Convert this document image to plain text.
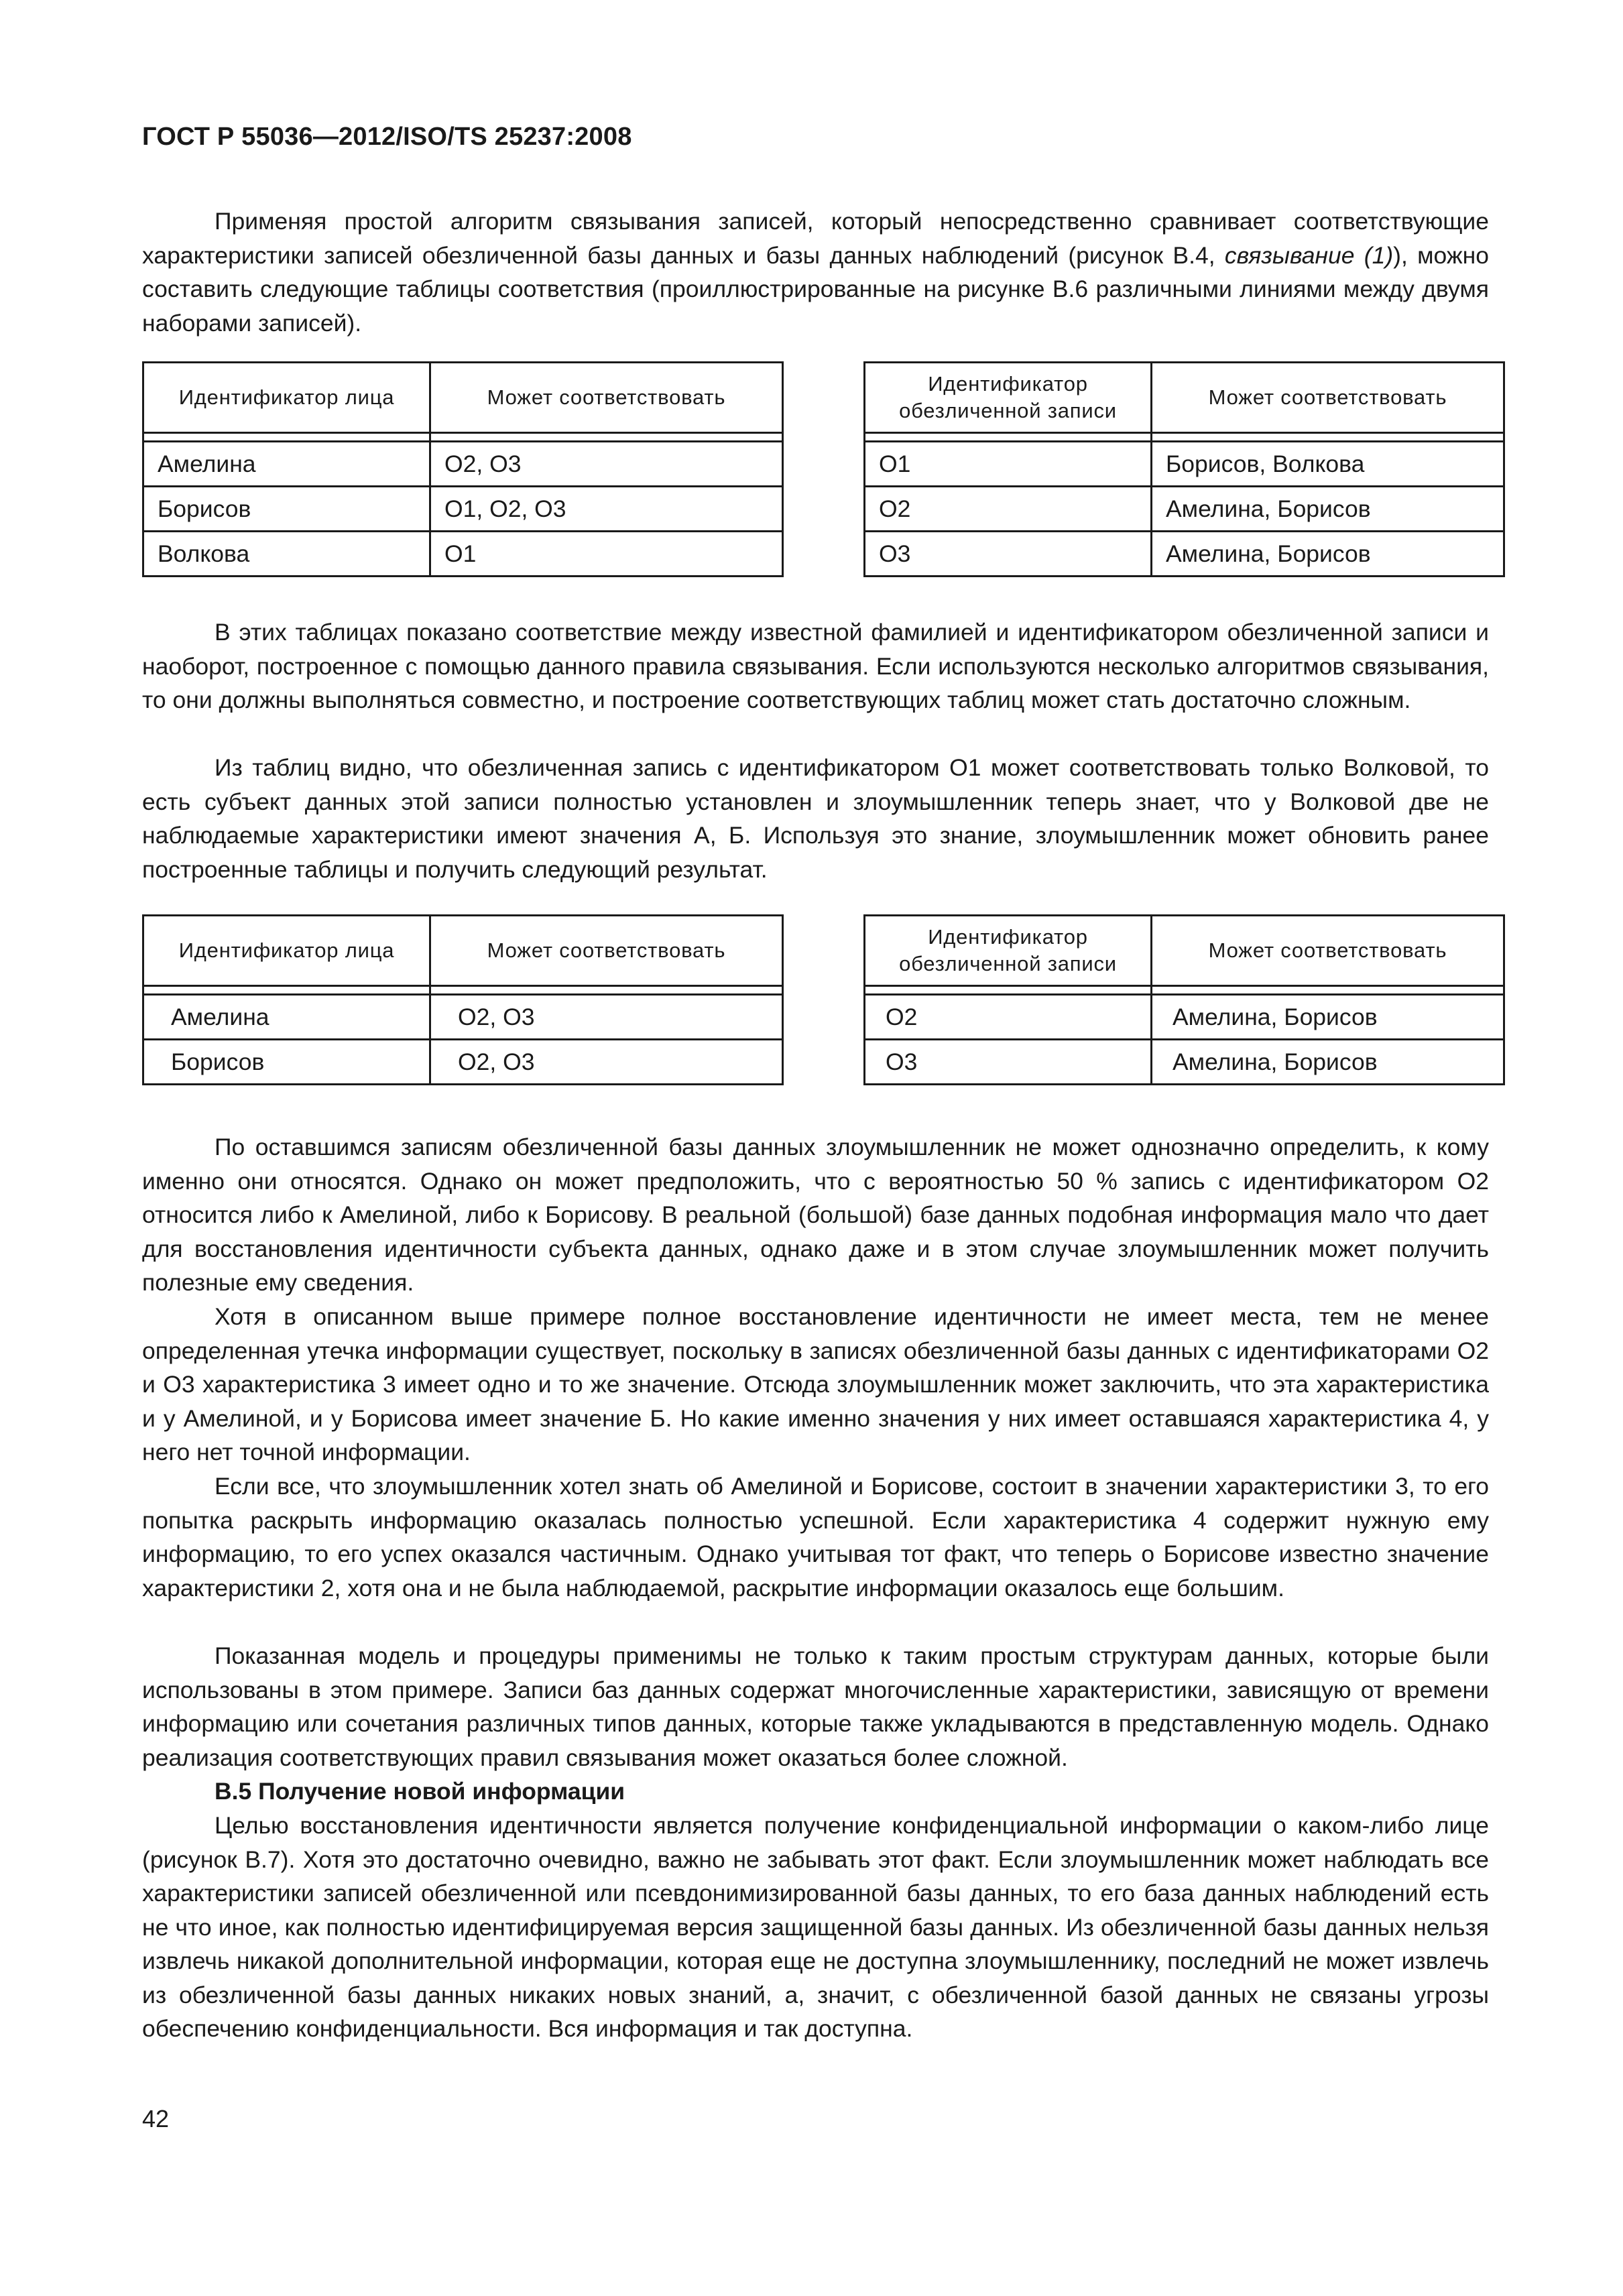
ГОСТ Р 55036—2012/ISO/TS 25237:2008

Применяя простой алгоритм связывания записей, который непосредственно сравнивает соответствующие характеристики записей обезличенной базы данных и базы данных наблюдений (рисунок В.4, связывание (1)), можно составить следующие таблицы соответствия (проиллюстрированные на рисунке В.6 различными линиями между двумя наборами записей).

Идентификатор лица	Может соответствовать

Амелина	О2, О3
Борисов	О1, О2, О3
Волкова	О1
Идентификатор обезличенной записи	Может соответствовать

О1	Борисов, Волкова
О2	Амелина, Борисов
О3	Амелина, Борисов

В этих таблицах показано соответствие между известной фамилией и идентификатором обезличенной записи и наоборот, построенное с помощью данного правила связывания. Если используются несколько алгоритмов связывания, то они должны выполняться совместно, и построение соответствующих таблиц может стать достаточно сложным.

Из таблиц видно, что обезличенная запись с идентификатором О1 может соответствовать только Волковой, то есть субъект данных этой записи полностью установлен и злоумышленник теперь знает, что у Волковой две не наблюдаемые характеристики имеют значения А, Б. Используя это знание, злоумышленник может обновить ранее построенные таблицы и получить следующий результат.

Идентификатор лица	Может соответствовать

Амелина	О2, О3
Борисов	О2, О3
Идентификатор обезличенной записи	Может соответствовать

О2	Амелина, Борисов
О3	Амелина, Борисов

По оставшимся записям обезличенной базы данных злоумышленник не может однозначно определить, к кому именно они относятся. Однако он может предположить, что с вероятностью 50 % запись с идентификатором О2 относится либо к Амелиной, либо к Борисову. В реальной (большой) базе данных подобная информация мало что дает для восстановления идентичности субъекта данных, однако даже и в этом случае злоумышленник может получить полезные ему сведения.

Хотя в описанном выше примере полное восстановление идентичности не имеет места, тем не менее определенная утечка информации существует, поскольку в записях обезличенной базы данных с идентификаторами О2 и О3 характеристика 3 имеет одно и то же значение. Отсюда злоумышленник может заключить, что эта характеристика и у Амелиной, и у Борисова имеет значение Б. Но какие именно значения у них имеет оставшаяся характеристика 4, у него нет точной информации.

Если все, что злоумышленник хотел знать об Амелиной и Борисове, состоит в значении характеристики 3, то его попытка раскрыть информацию оказалась полностью успешной. Если характеристика 4 содержит нужную ему информацию, то его успех оказался частичным. Однако учитывая тот факт, что теперь о Борисове известно значение характеристики 2, хотя она и не была наблюдаемой, раскрытие информации оказалось еще большим.

Показанная модель и процедуры применимы не только к таким простым структурам данных, которые были использованы в этом примере. Записи баз данных содержат многочисленные характеристики, зависящую от времени информацию или сочетания различных типов данных, которые также укладываются в представленную модель. Однако реализация соответствующих правил связывания может оказаться более сложной.

В.5 Получение новой информации

Целью восстановления идентичности является получение конфиденциальной информации о каком-либо лице (рисунок В.7). Хотя это достаточно очевидно, важно не забывать этот факт. Если злоумышленник может наблюдать все характеристики записей обезличенной или псевдонимизированной базы данных, то его база данных наблюдений есть не что иное, как полностью идентифицируемая версия защищенной базы данных. Из обезличенной базы данных нельзя извлечь никакой дополнительной информации, которая еще не доступна злоумышленнику, последний не может извлечь из обезличенной базы данных никаких новых знаний, а, значит, с обезличенной базой данных не связаны угрозы обеспечению конфиденциальности. Вся информация и так доступна.

42
